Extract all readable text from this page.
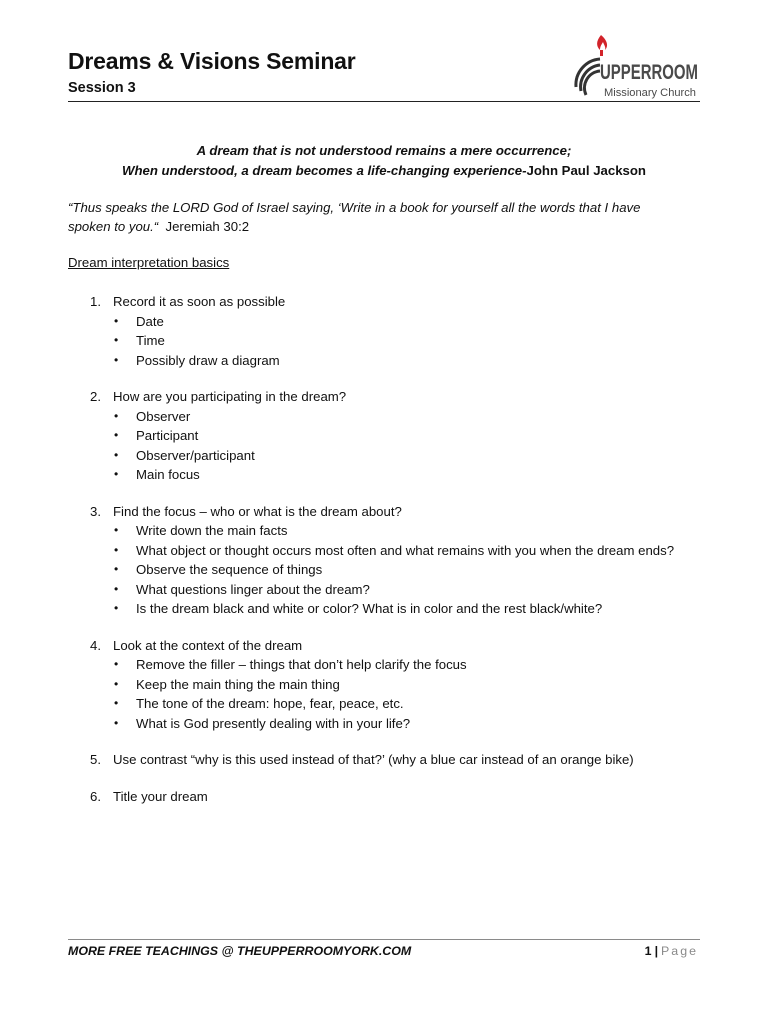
Dreams & Visions Seminar
Session 3
UPPERROOM
Missionary Church
A dream that is not understood remains a mere occurrence;
When understood, a dream becomes a life-changing experience-John Paul Jackson
“Thus speaks the LORD God of Israel saying, ‘Write in a book for yourself all the words that I have spoken to you.“ Jeremiah 30:2
Dream interpretation basics
1. Record it as soon as possible
• Date
• Time
• Possibly draw a diagram
2. How are you participating in the dream?
• Observer
• Participant
• Observer/participant
• Main focus
3. Find the focus – who or what is the dream about?
• Write down the main facts
• What object or thought occurs most often and what remains with you when the dream ends?
• Observe the sequence of things
• What questions linger about the dream?
• Is the dream black and white or color? What is in color and the rest black/white?
4. Look at the context of the dream
• Remove the filler – things that don’t help clarify the focus
• Keep the main thing the main thing
• The tone of the dream: hope, fear, peace, etc.
• What is God presently dealing with in your life?
5. Use contrast “why is this used instead of that?’ (why a blue car instead of an orange bike)
6. Title your dream
MORE FREE TEACHINGS @ THEUPPERROOMYORK.COM	1 | Page
